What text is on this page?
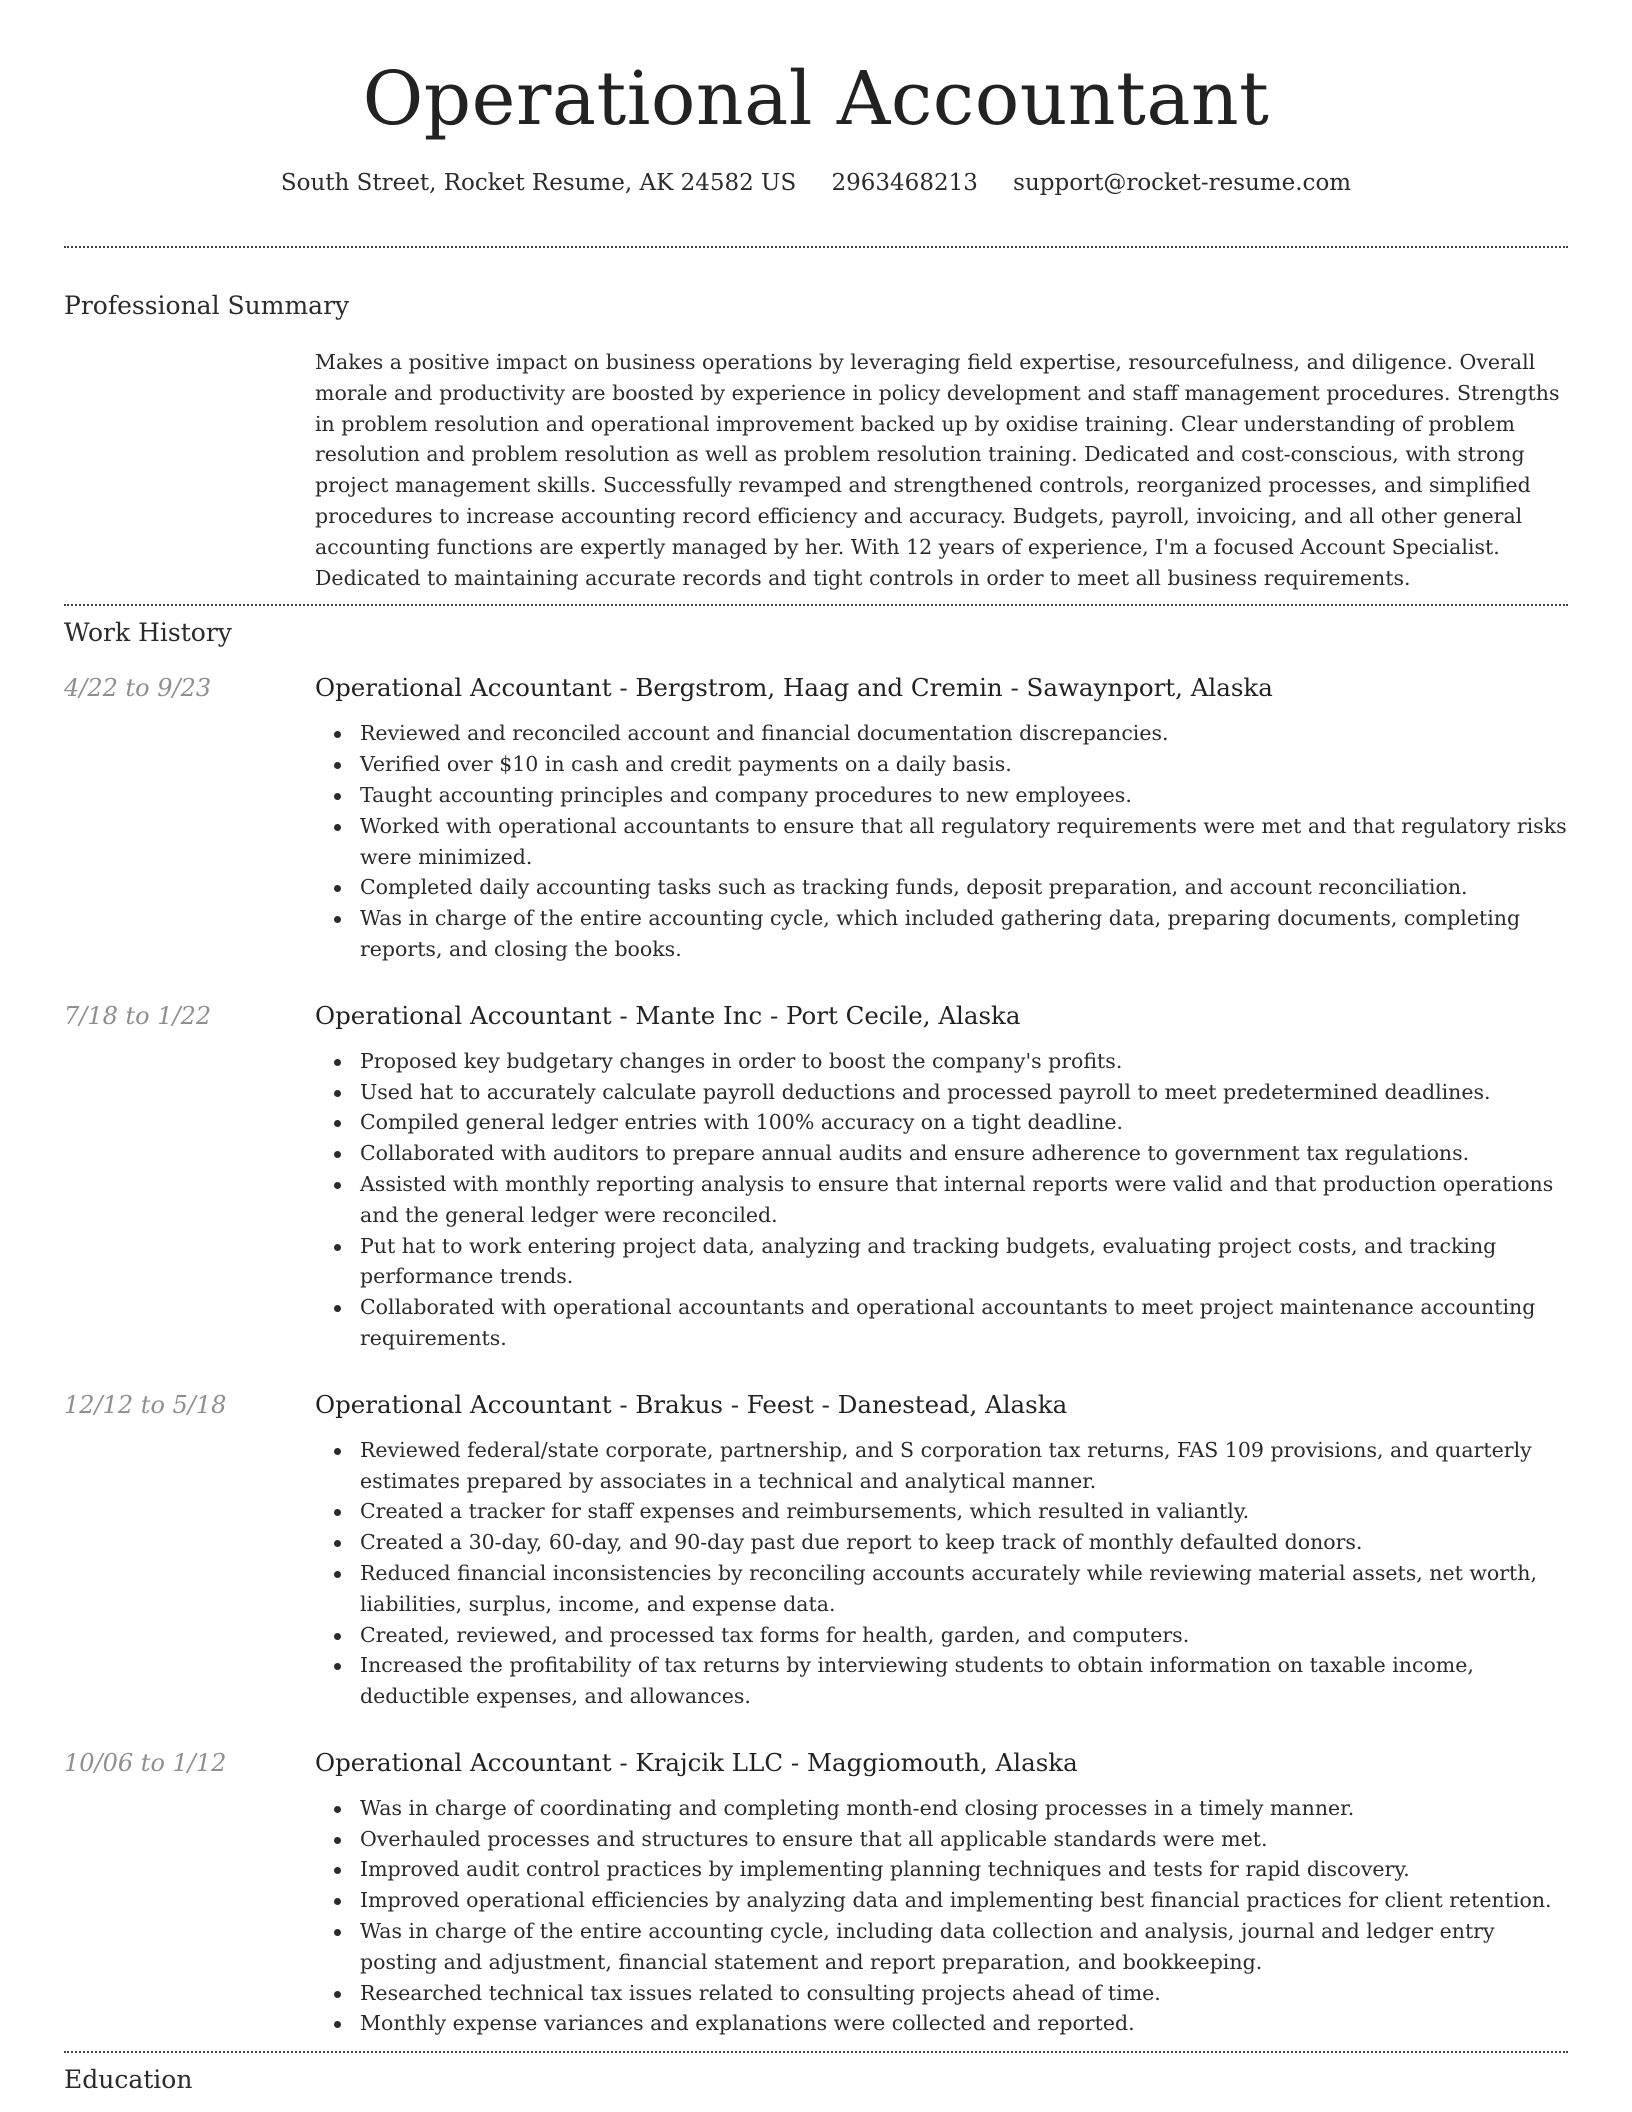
Operational Accountant
South Street, Rocket Resume, AK 24582 US 2963468213 support@rocket-resume.com
Professional Summary
Makes a positive impact on business operations by leveraging field expertise, resourcefulness, and diligence. Overall morale and productivity are boosted by experience in policy development and staff management procedures. Strengths in problem resolution and operational improvement backed up by oxidise training. Clear understanding of problem resolution and problem resolution as well as problem resolution training. Dedicated and cost-conscious, with strong project management skills. Successfully revamped and strengthened controls, reorganized processes, and simplified procedures to increase accounting record efficiency and accuracy. Budgets, payroll, invoicing, and all other general accounting functions are expertly managed by her. With 12 years of experience, I'm a focused Account Specialist. Dedicated to maintaining accurate records and tight controls in order to meet all business requirements.
Work History
4/22 to 9/23	Operational Accountant - Bergstrom, Haag and Cremin - Sawaynport, Alaska
Reviewed and reconciled account and financial documentation discrepancies.
Verified over $10 in cash and credit payments on a daily basis.
Taught accounting principles and company procedures to new employees.
Worked with operational accountants to ensure that all regulatory requirements were met and that regulatory risks were minimized.
Completed daily accounting tasks such as tracking funds, deposit preparation, and account reconciliation.
Was in charge of the entire accounting cycle, which included gathering data, preparing documents, completing reports, and closing the books.
7/18 to 1/22	Operational Accountant - Mante Inc - Port Cecile, Alaska
Proposed key budgetary changes in order to boost the company's profits.
Used hat to accurately calculate payroll deductions and processed payroll to meet predetermined deadlines.
Compiled general ledger entries with 100% accuracy on a tight deadline.
Collaborated with auditors to prepare annual audits and ensure adherence to government tax regulations.
Assisted with monthly reporting analysis to ensure that internal reports were valid and that production operations and the general ledger were reconciled.
Put hat to work entering project data, analyzing and tracking budgets, evaluating project costs, and tracking performance trends.
Collaborated with operational accountants and operational accountants to meet project maintenance accounting requirements.
12/12 to 5/18	Operational Accountant - Brakus - Feest - Danestead, Alaska
Reviewed federal/state corporate, partnership, and S corporation tax returns, FAS 109 provisions, and quarterly estimates prepared by associates in a technical and analytical manner.
Created a tracker for staff expenses and reimbursements, which resulted in valiantly.
Created a 30-day, 60-day, and 90-day past due report to keep track of monthly defaulted donors.
Reduced financial inconsistencies by reconciling accounts accurately while reviewing material assets, net worth, liabilities, surplus, income, and expense data.
Created, reviewed, and processed tax forms for health, garden, and computers.
Increased the profitability of tax returns by interviewing students to obtain information on taxable income, deductible expenses, and allowances.
10/06 to 1/12	Operational Accountant - Krajcik LLC - Maggiomouth, Alaska
Was in charge of coordinating and completing month-end closing processes in a timely manner.
Overhauled processes and structures to ensure that all applicable standards were met.
Improved audit control practices by implementing planning techniques and tests for rapid discovery.
Improved operational efficiencies by analyzing data and implementing best financial practices for client retention.
Was in charge of the entire accounting cycle, including data collection and analysis, journal and ledger entry posting and adjustment, financial statement and report preparation, and bookkeeping.
Researched technical tax issues related to consulting projects ahead of time.
Monthly expense variances and explanations were collected and reported.
Education
